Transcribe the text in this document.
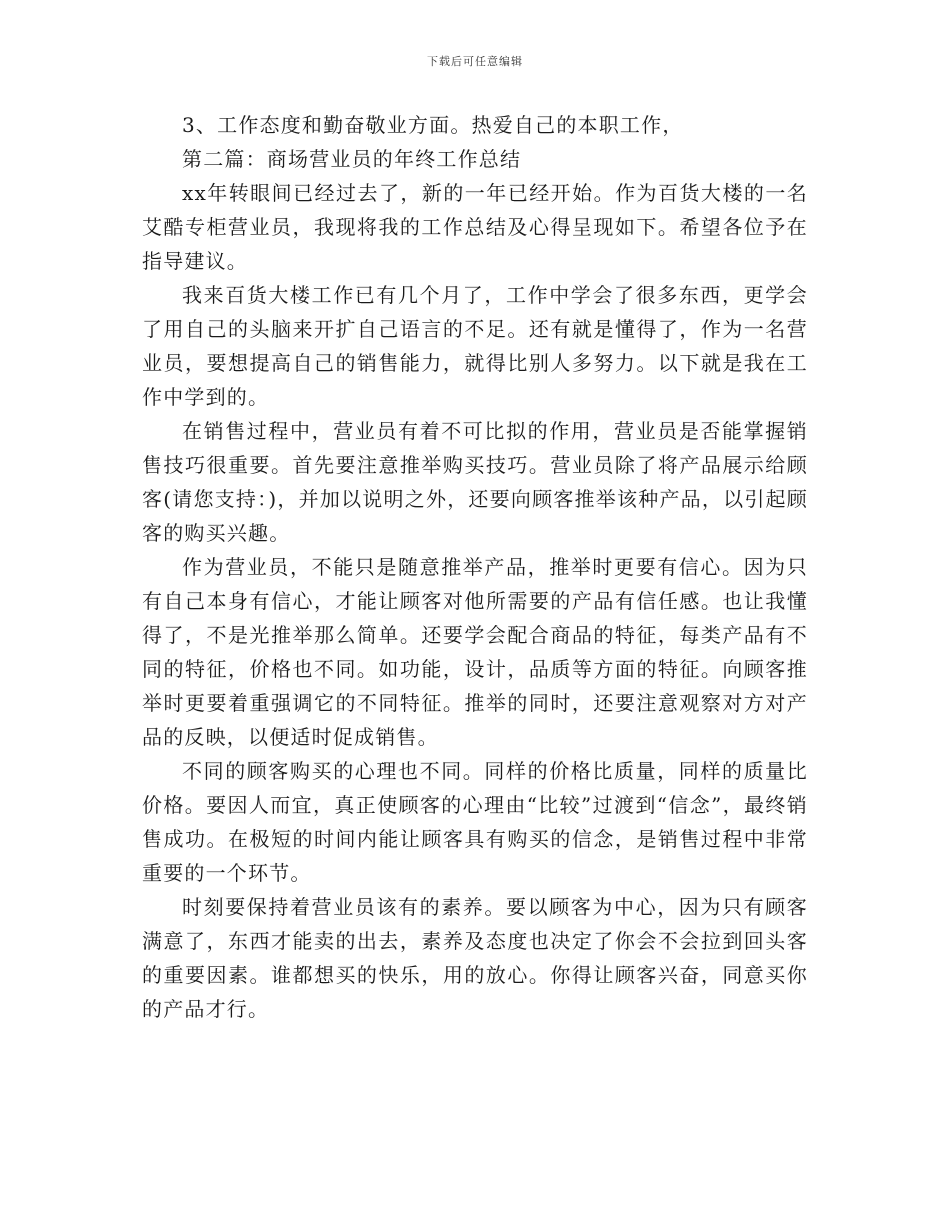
下载后可任意编辑

3、工作态度和勤奋敬业方面。热爱自己的本职工作，

第二篇：商场营业员的年终工作总结

xx年转眼间已经过去了，新的一年已经开始。作为百货大楼的一名艾酷专柜营业员，我现将我的工作总结及心得呈现如下。希望各位予在指导建议。

我来百货大楼工作已有几个月了，工作中学会了很多东西，更学会了用自己的头脑来开扩自己语言的不足。还有就是懂得了，作为一名营业员，要想提高自己的销售能力，就得比别人多努力。以下就是我在工作中学到的。

在销售过程中，营业员有着不可比拟的作用，营业员是否能掌握销售技巧很重要。首先要注意推举购买技巧。营业员除了将产品展示给顾客(请您支持：)，并加以说明之外，还要向顾客推举该种产品，以引起顾客的购买兴趣。

作为营业员，不能只是随意推举产品，推举时更要有信心。因为只有自己本身有信心，才能让顾客对他所需要的产品有信任感。也让我懂得了，不是光推举那么简单。还要学会配合商品的特征，每类产品有不同的特征，价格也不同。如功能，设计，品质等方面的特征。向顾客推举时更要着重强调它的不同特征。推举的同时，还要注意观察对方对产品的反映，以便适时促成销售。

不同的顾客购买的心理也不同。同样的价格比质量，同样的质量比价格。要因人而宜，真正使顾客的心理由“比较”过渡到“信念”，最终销售成功。在极短的时间内能让顾客具有购买的信念，是销售过程中非常重要的一个环节。

时刻要保持着营业员该有的素养。要以顾客为中心，因为只有顾客满意了，东西才能卖的出去，素养及态度也决定了你会不会拉到回头客的重要因素。谁都想买的快乐，用的放心。你得让顾客兴奋，同意买你的产品才行。
